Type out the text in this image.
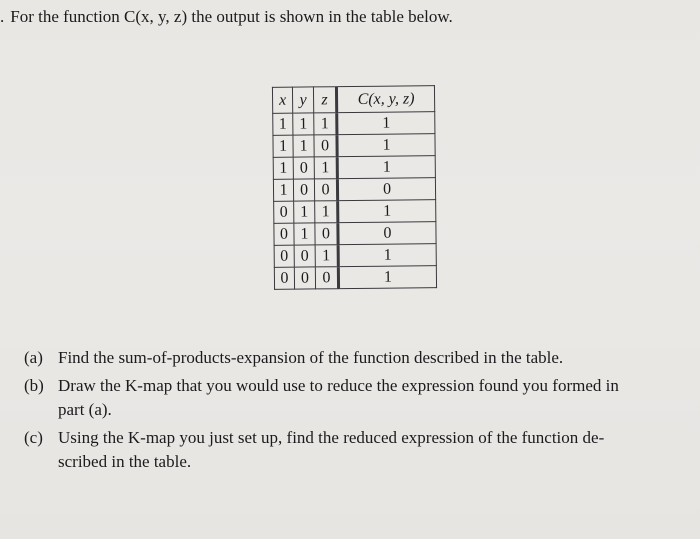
. For the function C(x, y, z) the output is shown in the table below.
x	y	z	C(x, y, z)
1	1	1	1
1	1	0	1
1	0	1	1
1	0	0	0
0	1	1	1
0	1	0	0
0	0	1	1
0	0	0	1
(a) Find the sum-of-products-expansion of the function described in the table.
(b) Draw the K-map that you would use to reduce the expression found you formed in
part (a).
(c) Using the K-map you just set up, find the reduced expression of the function de-
scribed in the table.
